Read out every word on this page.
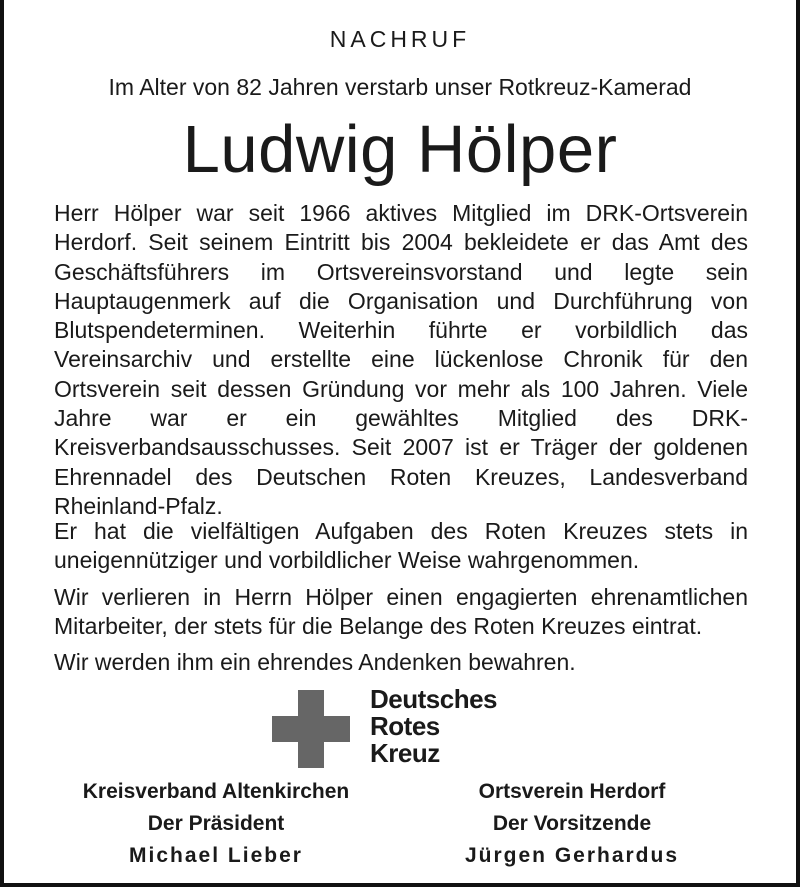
NACHRUF
Im Alter von 82 Jahren verstarb unser Rotkreuz-Kamerad
Ludwig Hölper

Herr Hölper war seit 1966 aktives Mitglied im DRK-Ortsverein Herdorf. Seit seinem Eintritt bis 2004 bekleidete er das Amt des Geschäftsführers im Ortsvereinsvorstand und legte sein Hauptaugenmerk auf die Organisation und Durchführung von Blutspendeterminen. Weiterhin führte er vorbildlich das Vereinsarchiv und erstellte eine lückenlose Chronik für den Ortsverein seit dessen Gründung vor mehr als 100 Jahren. Viele Jahre war er ein gewähltes Mitglied des DRK-Kreisverbandsausschusses. Seit 2007 ist er Träger der goldenen Ehrennadel des Deutschen Roten Kreuzes, Landesverband Rheinland-Pfalz.

Er hat die vielfältigen Aufgaben des Roten Kreuzes stets in uneigennütziger und vorbildlicher Weise wahrgenommen.

Wir verlieren in Herrn Hölper einen engagierten ehrenamtlichen Mitarbeiter, der stets für die Belange des Roten Kreuzes eintrat.

Wir werden ihm ein ehrendes Andenken bewahren.

Deutsches
Rotes
Kreuz
Kreisverband Altenkirchen
Der Präsident
Michael Lieber
Ortsverein Herdorf
Der Vorsitzende
Jürgen Gerhardus
